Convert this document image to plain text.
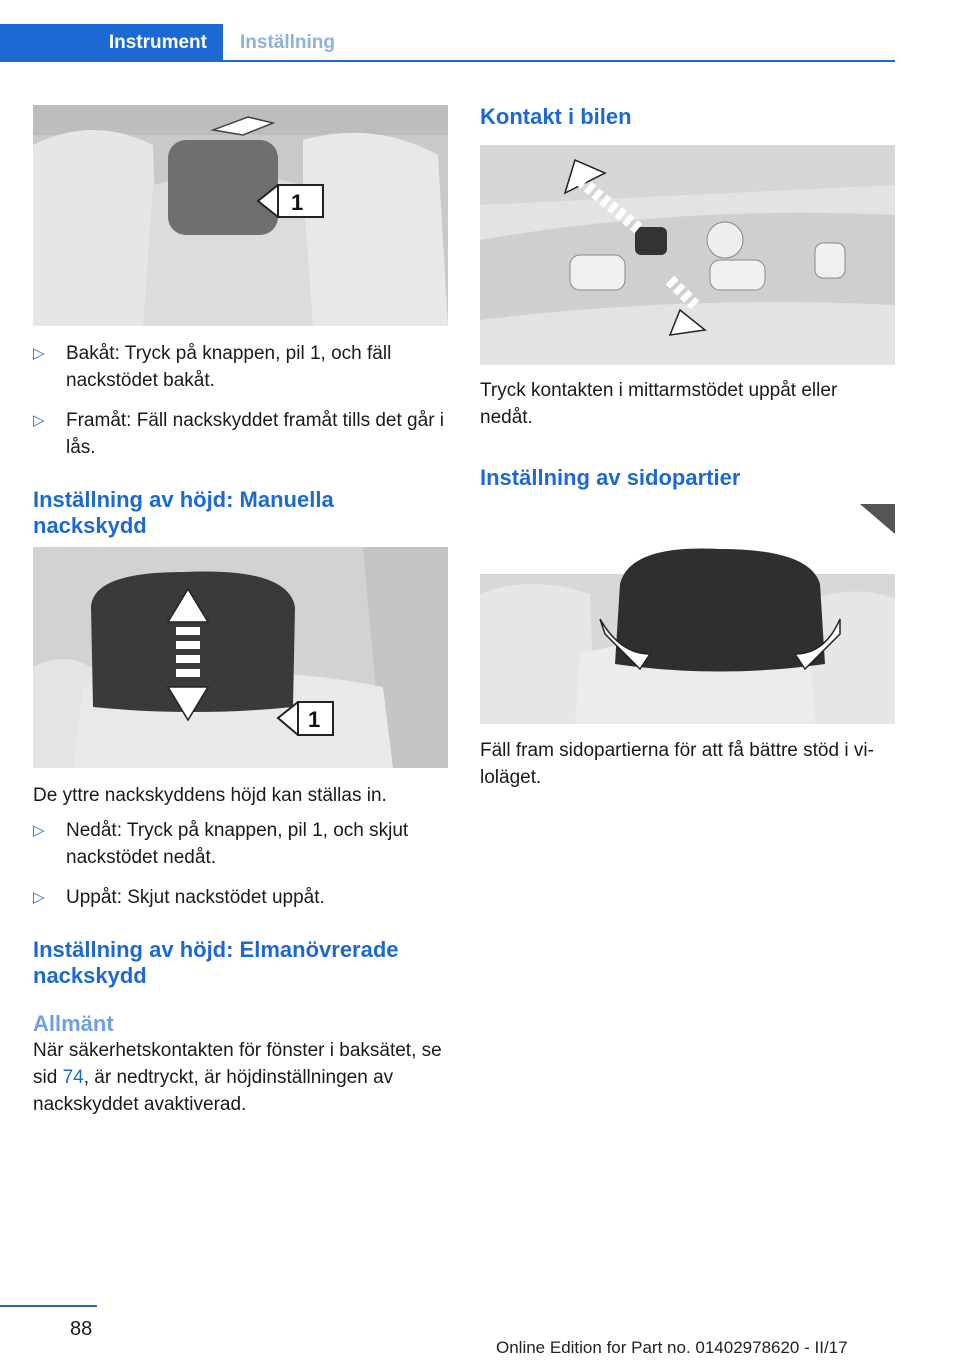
Instrument	Inställning
1
▷ Bakåt: Tryck på knappen, pil 1, och fäll nackstödet bakåt.
▷ Framåt: Fäll nackskyddet framåt tills det går i lås.
Inställning av höjd: Manuella nackskydd
1

De yttre nackskyddens höjd kan ställas in.

▷ Nedåt: Tryck på knappen, pil 1, och skjut nackstödet nedåt.
▷ Uppåt: Skjut nackstödet uppåt.
Inställning av höjd: Elmanövrerade nackskydd
Allmänt

När säkerhetskontakten för fönster i baksätet, se sid 74, är nedtryckt, är höjdinställningen av nackskyddet avaktiverad.

Kontakt i bilen

Tryck kontakten i mittarmstödet uppåt eller nedåt.

Inställning av sidopartier

Fäll fram sidopartierna för att få bättre stöd i viloläget.

88
Online Edition for Part no. 01402978620 - II/17
